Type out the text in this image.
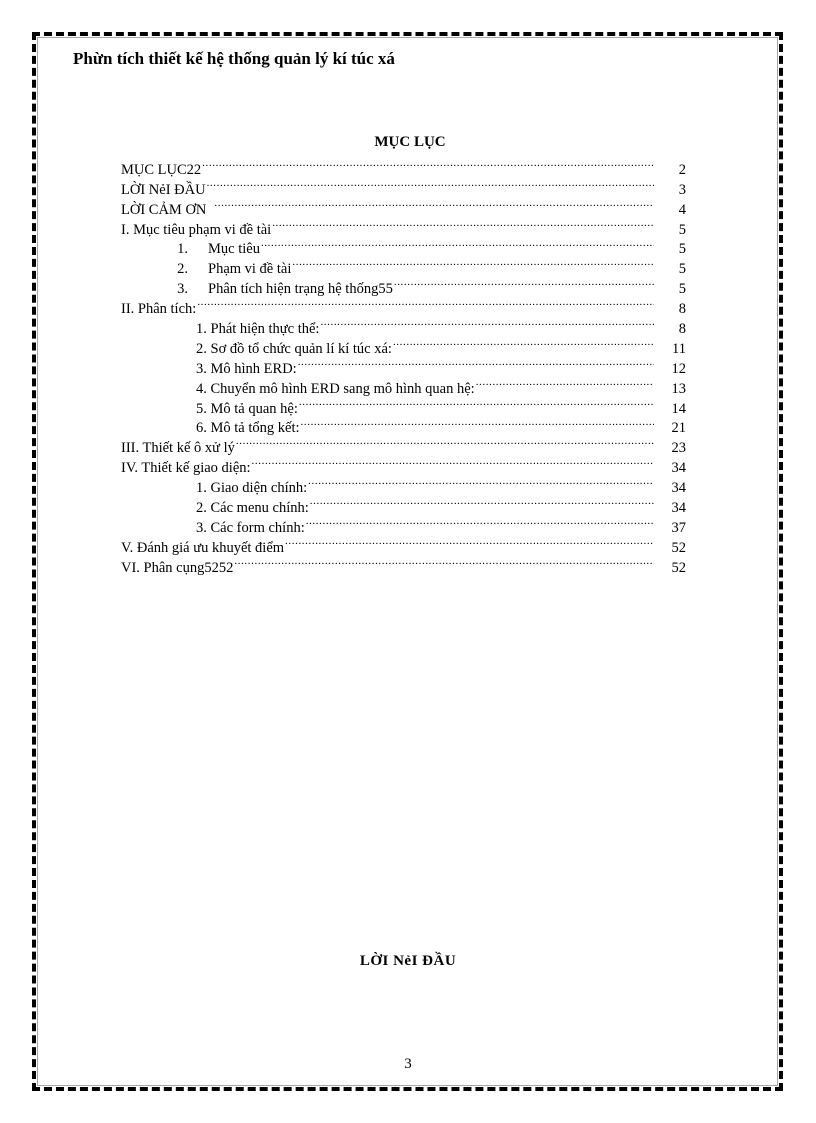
Phừn tích thiết kế hệ thống quản lý kí túc xá
MỤC LỤC
MỤC LỤC22 .....	2
LỜI NẻI ĐẦU .....	3
LỜI CẢM ƠN .....	4
I. Mục tiêu phạm vi đề tài .....	5
1.	Mục tiêu .....	5
2.	Phạm vi đề tài .....	5
3.	Phân tích hiện trạng hệ thống55 .....	5
II. Phân tích: .....	8
1. Phát hiện thực thể: .....	8
2. Sơ đồ tổ chức quản lí kí túc xá: .....	11
3. Mô hình ERD: .....	12
4. Chuyển mô hình ERD sang mô hình quan hệ: .....	13
5. Mô tả quan hệ: .....	14
6. Mô tả tổng kết: .....	21
III. Thiết kế ô xử lý .....	23
IV. Thiết kế giao diện: .....	34
1. Giao diện chính: .....	34
2. Các menu chính: .....	34
3. Các form chính: .....	37
V. Đánh giá ưu khuyết điểm .....	52
VI. Phân cụng5252 .....	52
LỜI NẻI ĐẦU
3
